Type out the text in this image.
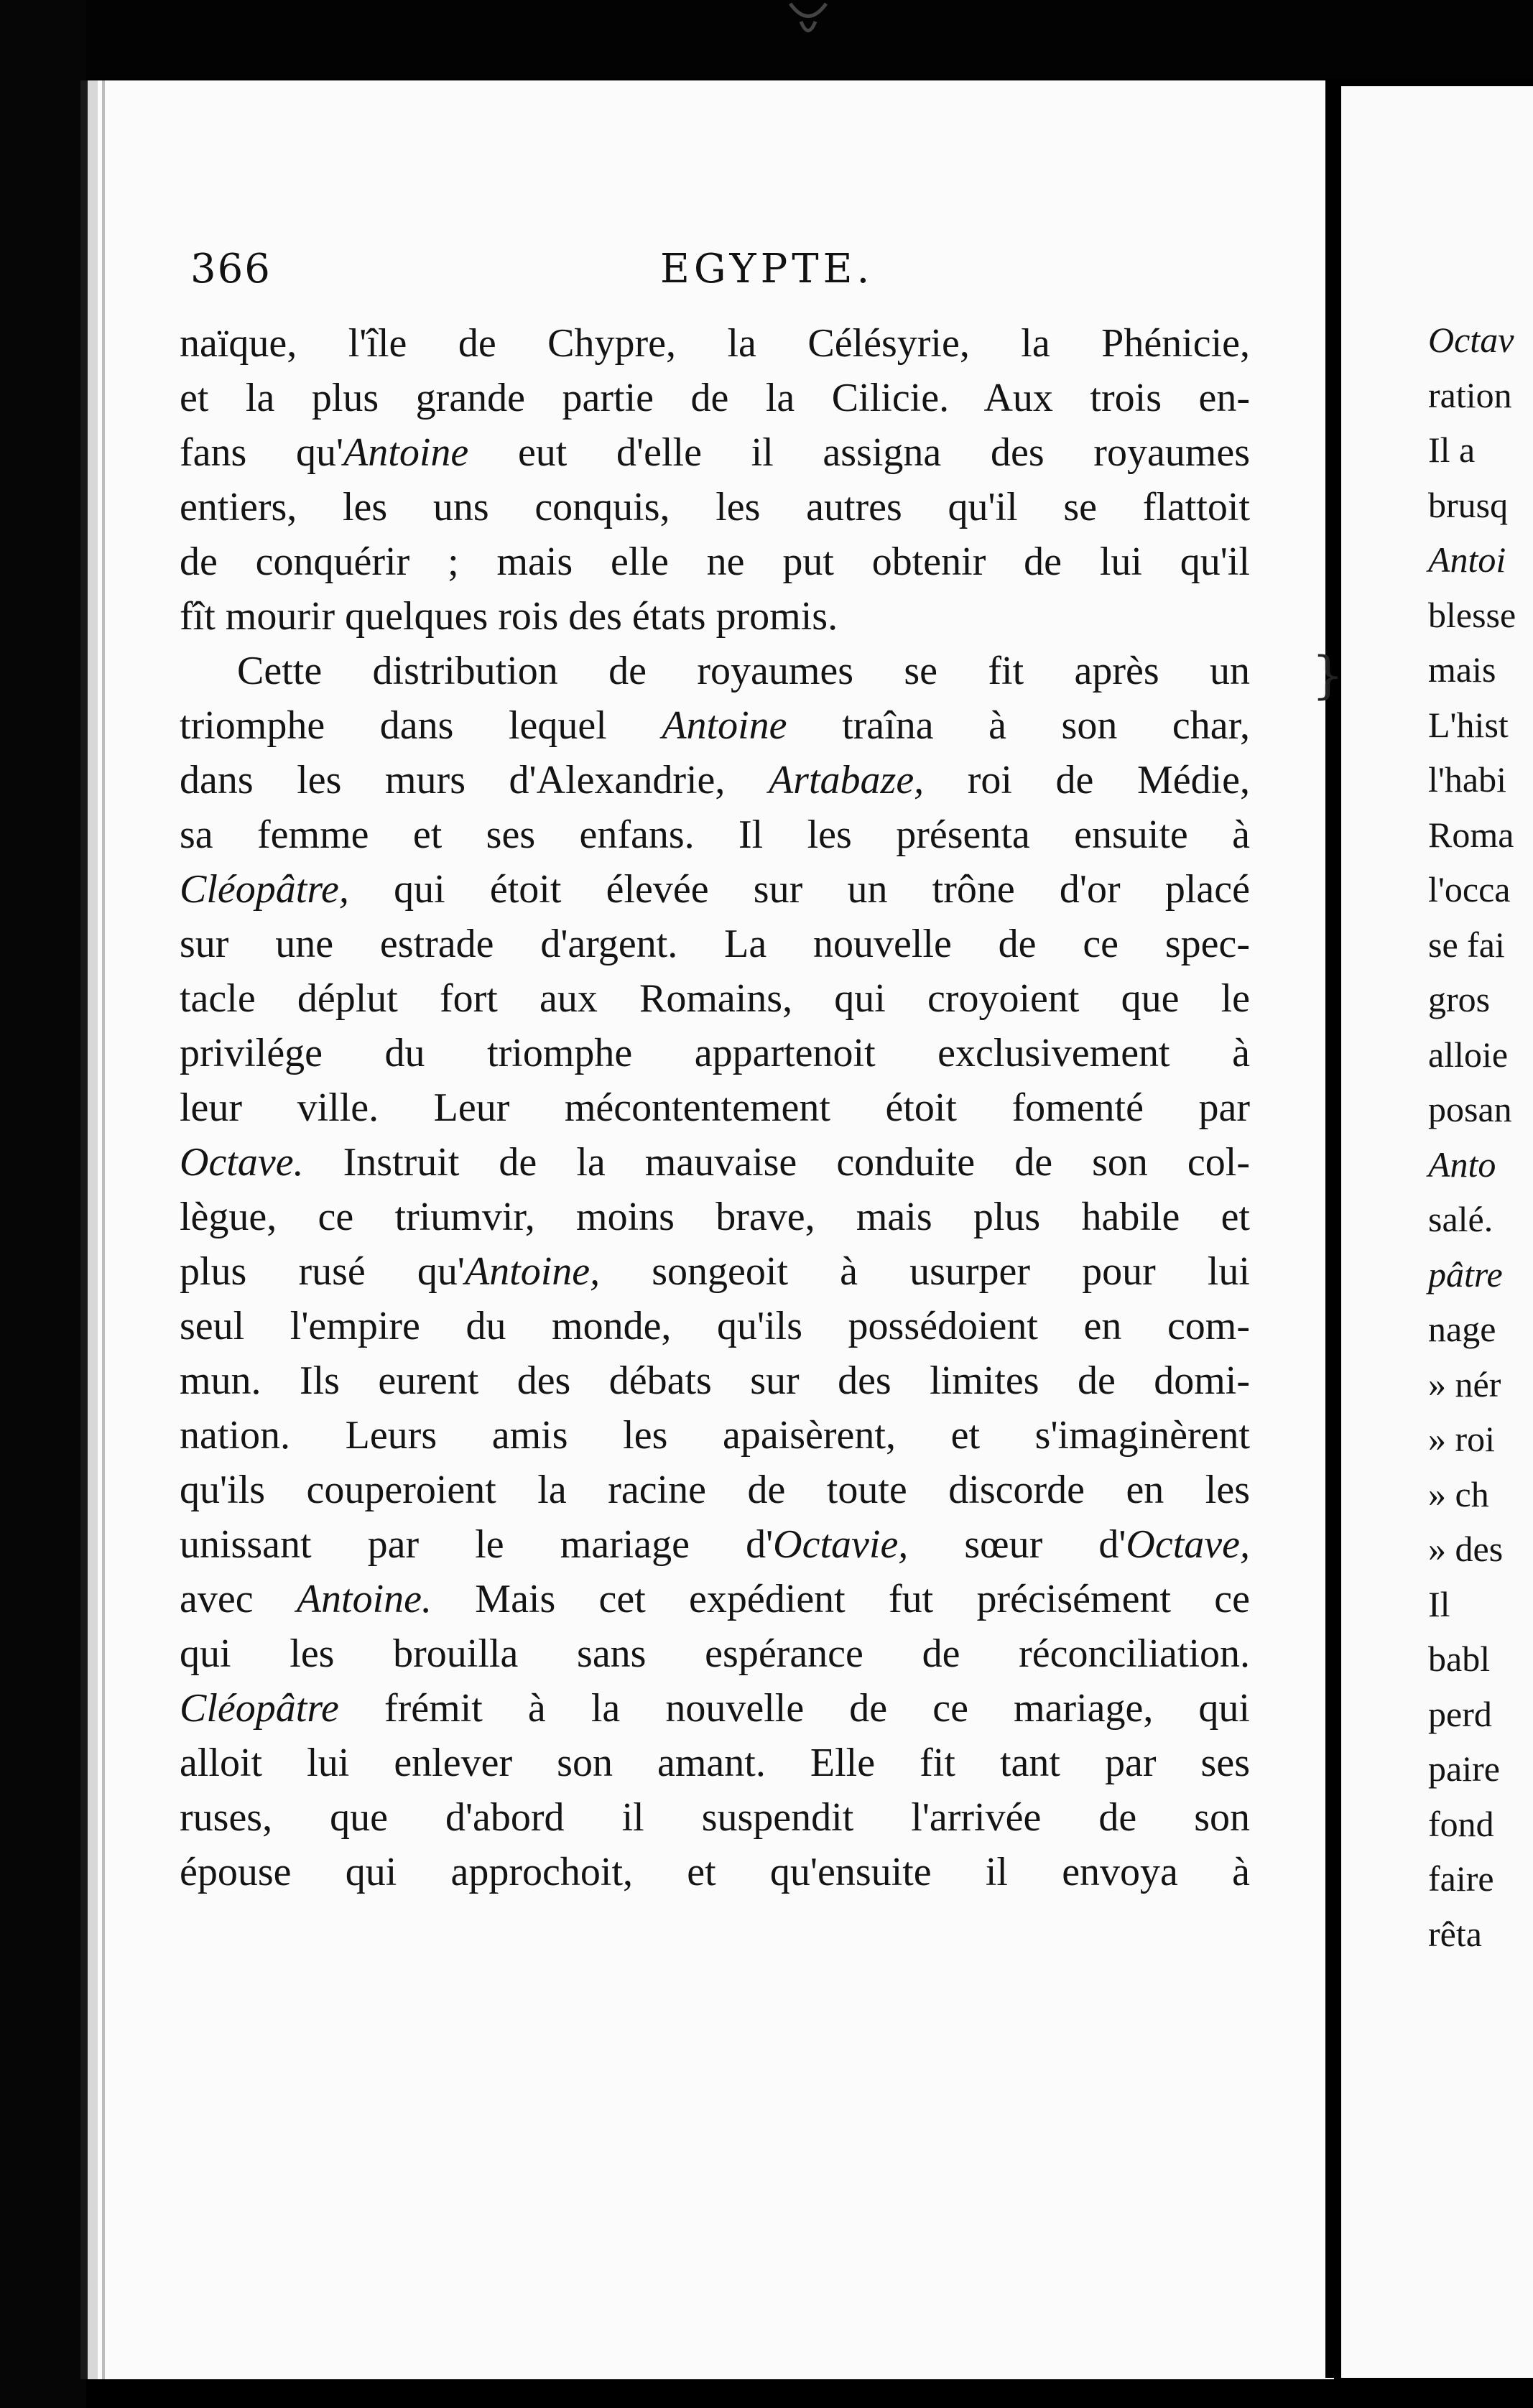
366	EGYPTE.
naïque, l'île de Chypre, la Célésyrie, la Phénicie,
et la plus grande partie de la Cilicie. Aux trois en-
fans qu'Antoine eut d'elle il assigna des royaumes
entiers, les uns conquis, les autres qu'il se flattoit
de conquérir ; mais elle ne put obtenir de lui qu'il
fît mourir quelques rois des états promis.
Cette distribution de royaumes se fit après un
triomphe dans lequel Antoine traîna à son char,
dans les murs d'Alexandrie, Artabaze, roi de Médie,
sa femme et ses enfans. Il les présenta ensuite à
Cléopâtre, qui étoit élevée sur un trône d'or placé
sur une estrade d'argent. La nouvelle de ce spec-
tacle déplut fort aux Romains, qui croyoient que le
privilége du triomphe appartenoit exclusivement à
leur ville. Leur mécontentement étoit fomenté par
Octave. Instruit de la mauvaise conduite de son col-
lègue, ce triumvir, moins brave, mais plus habile et
plus rusé qu'Antoine, songeoit à usurper pour lui
seul l'empire du monde, qu'ils possédoient en com-
mun. Ils eurent des débats sur des limites de domi-
nation. Leurs amis les apaisèrent, et s'imaginèrent
qu'ils couperoient la racine de toute discorde en les
unissant par le mariage d'Octavie, sœur d'Octave,
avec Antoine. Mais cet expédient fut précisément ce
qui les brouilla sans espérance de réconciliation.
Cléopâtre frémit à la nouvelle de ce mariage, qui
alloit lui enlever son amant. Elle fit tant par ses
ruses, que d'abord il suspendit l'arrivée de son
épouse qui approchoit, et qu'ensuite il envoya à
}
Octav
ration
Il a
brusq
Antoi
blesse
mais
L'hist
l'habi
Roma
l'occa
se fai
gros
alloie
posan
Anto
salé.
pâtre
nage
» nér
» roi
» ch
» des
Il
babl
perd
paire
fond
faire
rêta
